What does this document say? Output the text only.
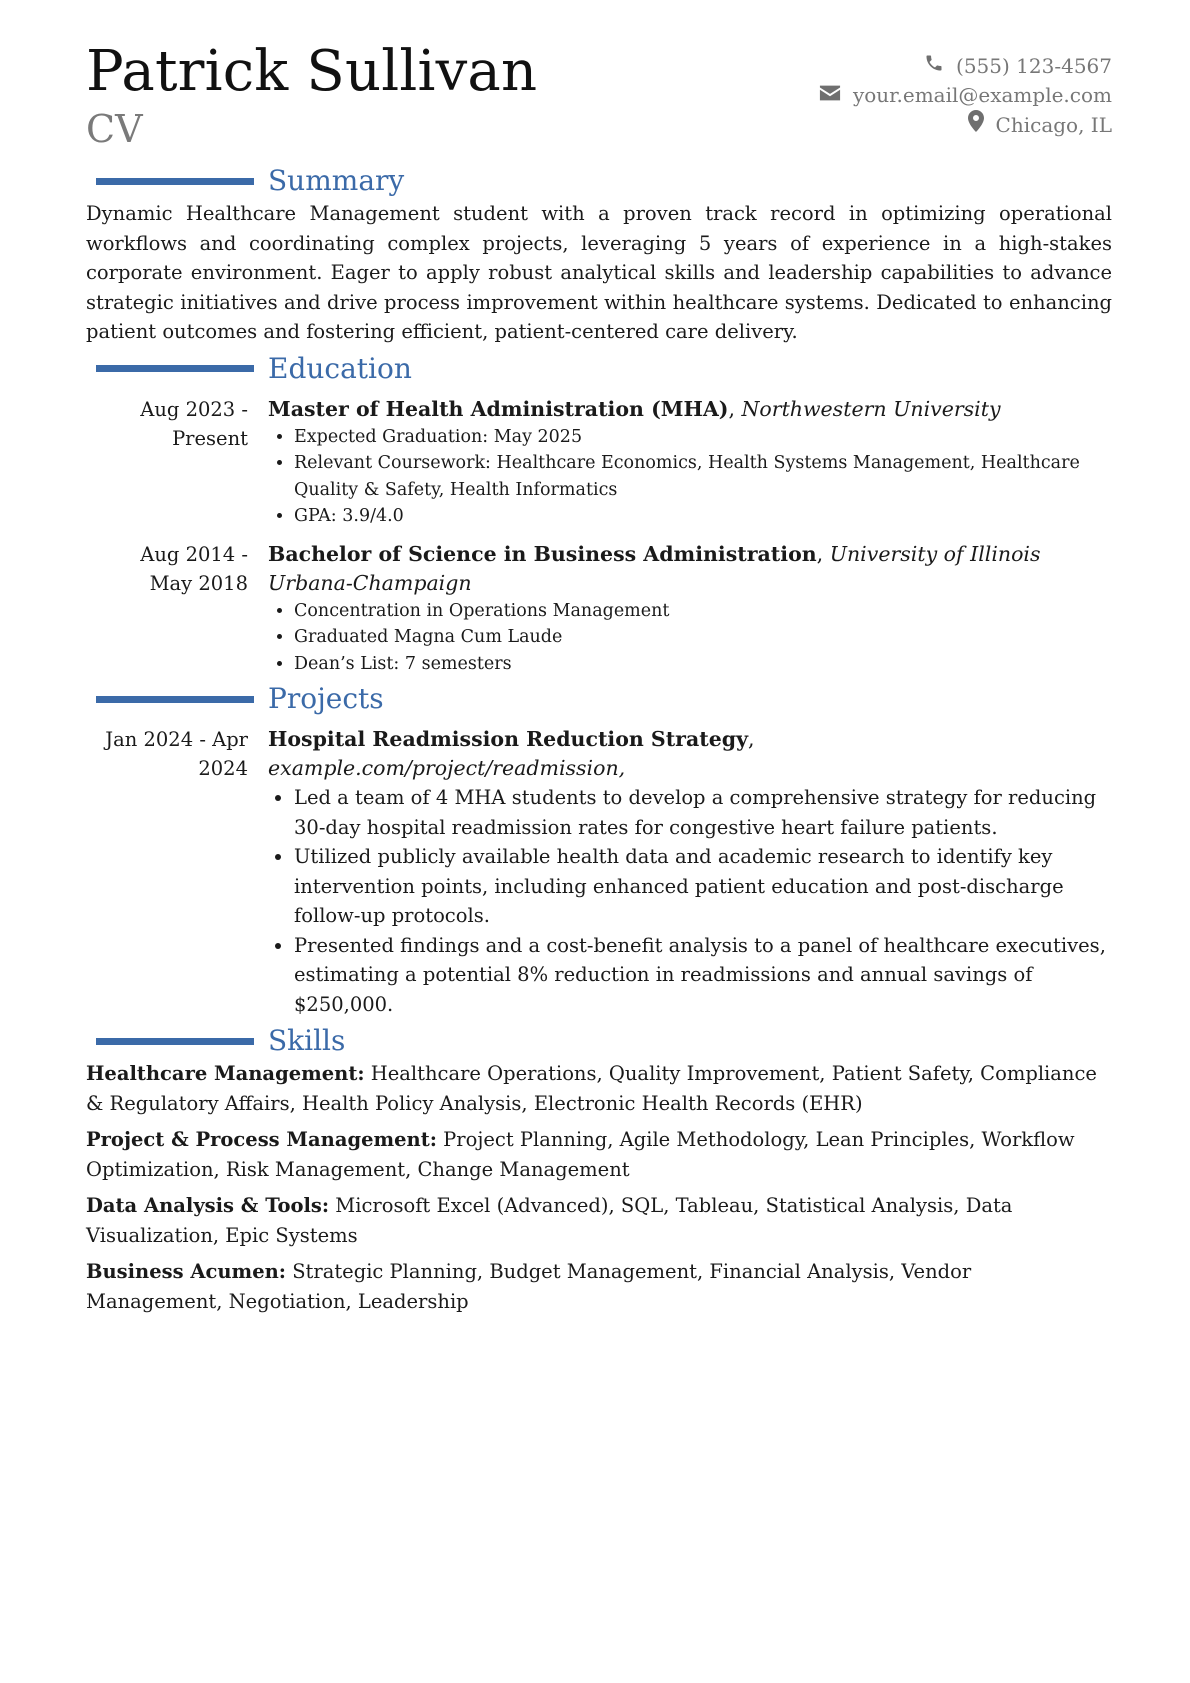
Patrick Sullivan
CV
(555) 123-4567
your.email@example.com
Chicago, IL
Summary

Dynamic Healthcare Management student with a proven track record in optimizing operational workflows and coordinating complex projects, leveraging 5 years of experience in a high-stakes corporate environment. Eager to apply robust analytical skills and leadership capabilities to advance strategic initiatives and drive process improvement within healthcare systems. Dedicated to enhancing patient outcomes and fostering efficient, patient-centered care delivery.

Education
Aug 2023 -
Present
Master of Health Administration (MHA), Northwestern University
• Expected Graduation: May 2025
• Relevant Coursework: Healthcare Economics, Health Systems Management, Healthcare Quality & Safety, Health Informatics
• GPA: 3.9/4.0
Aug 2014 -
May 2018
Bachelor of Science in Business Administration, University of Illinois Urbana-Champaign
• Concentration in Operations Management
• Graduated Magna Cum Laude
• Dean’s List: 7 semesters
Projects
Jan 2024 - Apr
2024
Hospital Readmission Reduction Strategy, example.com/project/readmission,
• Led a team of 4 MHA students to develop a comprehensive strategy for reducing 30-day hospital readmission rates for congestive heart failure patients.
• Utilized publicly available health data and academic research to identify key intervention points, including enhanced patient education and post-discharge follow-up protocols.
• Presented findings and a cost-benefit analysis to a panel of healthcare executives, estimating a potential 8% reduction in readmissions and annual savings of $250,000.
Skills
Healthcare Management: Healthcare Operations, Quality Improvement, Patient Safety, Compliance & Regulatory Affairs, Health Policy Analysis, Electronic Health Records (EHR)
Project & Process Management: Project Planning, Agile Methodology, Lean Principles, Workflow Optimization, Risk Management, Change Management
Data Analysis & Tools: Microsoft Excel (Advanced), SQL, Tableau, Statistical Analysis, Data Visualization, Epic Systems
Business Acumen: Strategic Planning, Budget Management, Financial Analysis, Vendor Management, Negotiation, Leadership
